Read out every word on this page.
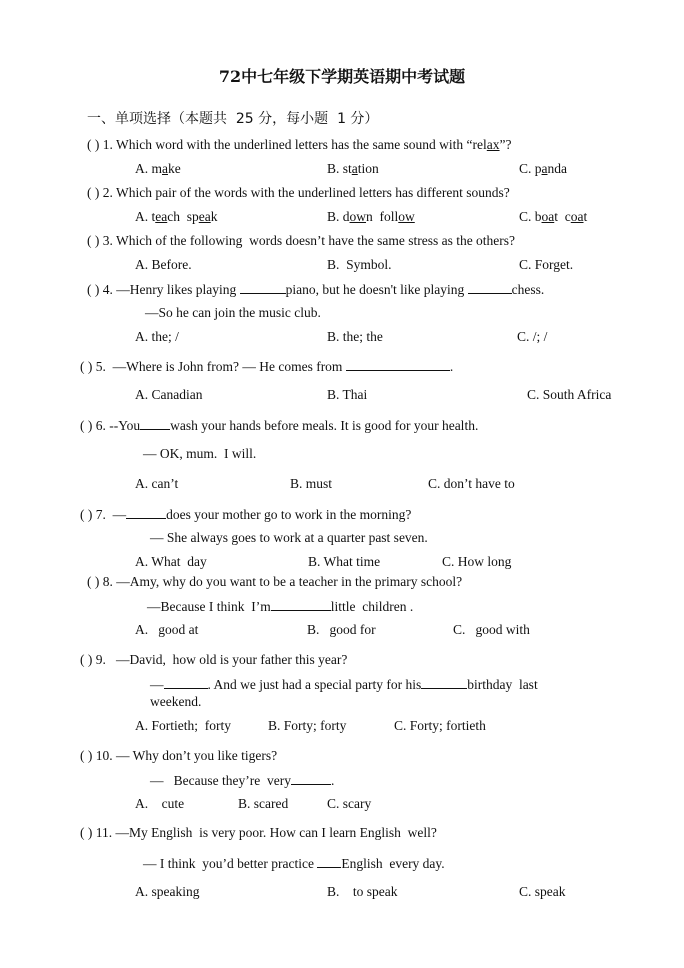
72中七年级下学期英语期中考试题
一、单项选择（本题共  25 分，每小题  1 分）
( ) 1. Which word with the underlined letters has the same sound with “relax”?
A. make	B. station	C. panda
( ) 2. Which pair of the words with the underlined letters has different sounds?
A. teach  speak	B. down  follow	C. boat  coat
( ) 3. Which of the following  words doesn’t have the same stress as the others?
A. Before.	B.  Symbol.	C. Forget.
( ) 4. —Henry likes playing	piano, but he doesn't like playing	chess.
—So he can join the music club.
A. the; /	B. the; the	C. /; /
( ) 5. —Where is John from? — He comes from	.
A. Canadian	B. Thai	C. South Africa
( ) 6. --You wash your hands before meals. It is good for your health.
— OK, mum.  I will.
A. can’t	B. must	C. don’t have to
( ) 7. —	does your mother go to work in the morning?
— She always goes to work at a quarter past seven.
A. What  day	B. What time	C. How long
( ) 8. —Amy, why do you want to be a teacher in the primary school?
—Because I think  I’m	little  children .
A.   good at	B.   good for	C.   good with
( ) 9. —David,  how old is your father this year?
—	. And we just had a special party for his	birthday  last
weekend.
A. Fortieth;  forty	B. Forty; forty	C. Forty; fortieth
( ) 10. — Why don’t you like tigers?
—   Because they’re  very	.
A.    cute	B. scared	C. scary
( ) 11. —My English  is very poor. How can I learn English  well?
— I think  you’d better practice English  every day.
A. speaking	B.    to speak	C. speak
